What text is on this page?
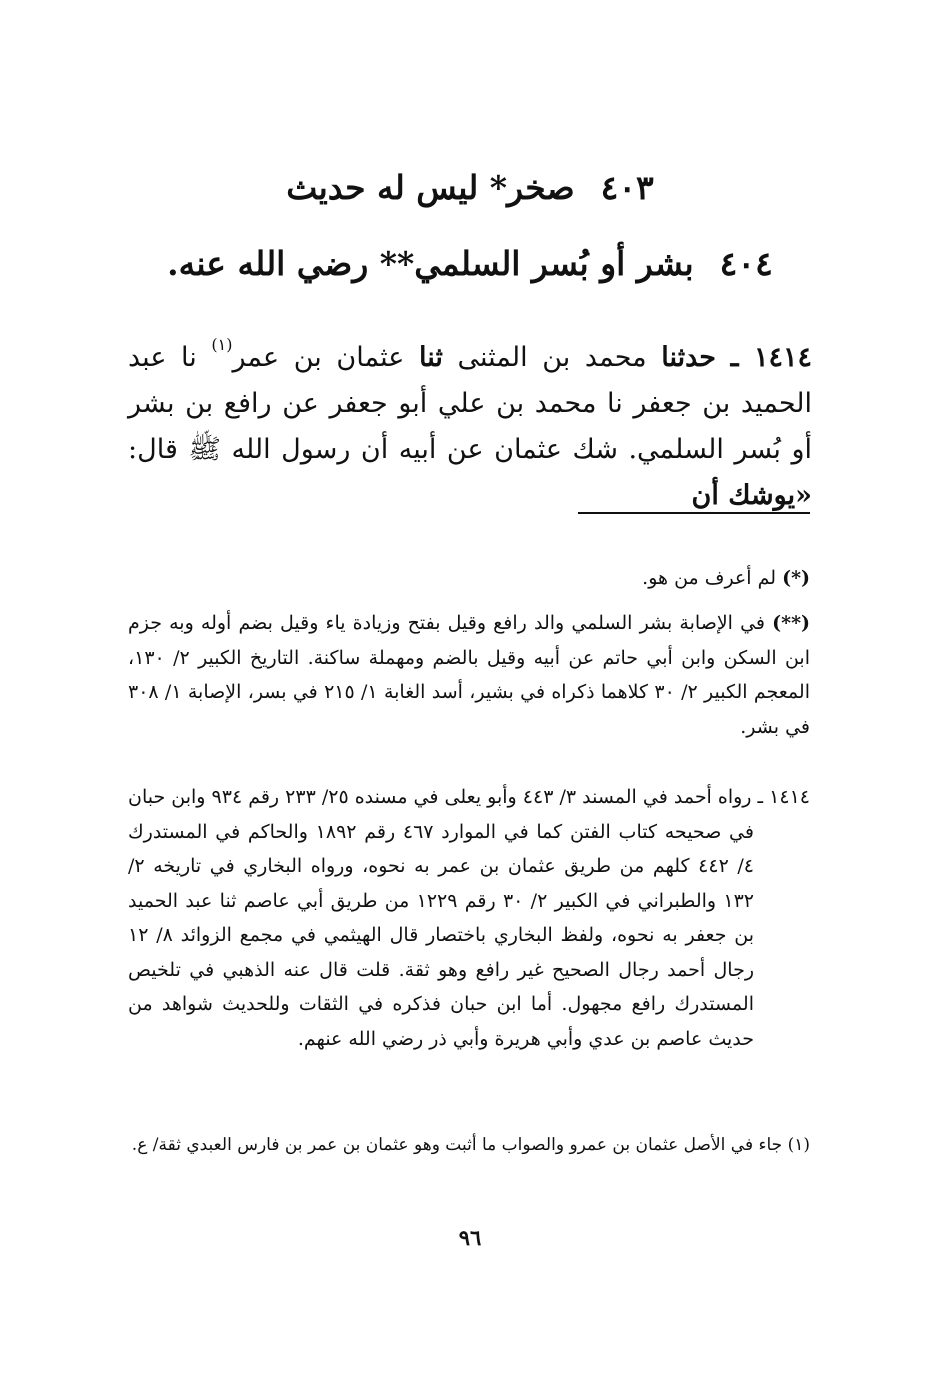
٤٠٣صخر* ليس له حديث
٤٠٤بشر أو بُسر السلمي** رضي الله عنه.
١٤١٤ ـ حدثنا محمد بن المثنى ثنا عثمان بن عمر$^{(١)}$ نا عبد الحميد بن جعفر نا محمد بن علي أبو جعفر عن رافع بن بشر أو بُسر السلمي. شك عثمان عن أبيه أن رسول الله ﷺ قال: «يوشك أن
(*) لم أعرف من هو.
(**) في الإصابة بشر السلمي والد رافع وقيل بفتح وزيادة ياء وقيل بضم أوله وبه جزم ابن السكن وابن أبي حاتم عن أبيه وقيل بالضم ومهملة ساكنة. التاريخ الكبير ٢/ ١٣٠، المعجم الكبير ٢/ ٣٠ كلاهما ذكراه في بشير، أسد الغابة ١/ ٢١٥ في بسر، الإصابة ١/ ٣٠٨ في بشر.
١٤١٤ ـ رواه أحمد في المسند ٣/ ٤٤٣ وأبو يعلى في مسنده ٢٥/ ٢٣٣ رقم ٩٣٤ وابن حبان في صحيحه كتاب الفتن كما في الموارد ٤٦٧ رقم ١٨٩٢ والحاكم في المستدرك ٤/ ٤٤٢ كلهم من طريق عثمان بن عمر به نحوه، ورواه البخاري في تاريخه ٢/ ١٣٢ والطبراني في الكبير ٢/ ٣٠ رقم ١٢٢٩ من طريق أبي عاصم ثنا عبد الحميد بن جعفر به نحوه، ولفظ البخاري باختصار قال الهيثمي في مجمع الزوائد ٨/ ١٢ رجال أحمد رجال الصحيح غير رافع وهو ثقة. قلت قال عنه الذهبي في تلخيص المستدرك رافع مجهول. أما ابن حبان فذكره في الثقات وللحديث شواهد من حديث عاصم بن عدي وأبي هريرة وأبي ذر رضي الله عنهم.
(١) جاء في الأصل عثمان بن عمرو والصواب ما أثبت وهو عثمان بن عمر بن فارس العبدي ثقة/ ع.
٩٦
